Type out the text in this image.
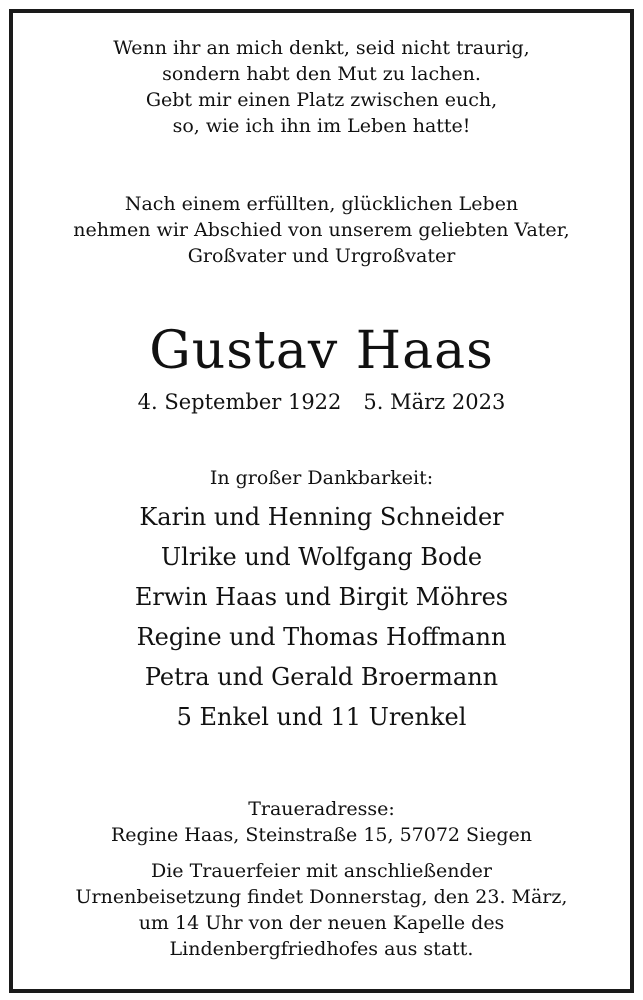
Wenn ihr an mich denkt, seid nicht traurig,
sondern habt den Mut zu lachen.
Gebt mir einen Platz zwischen euch,
so, wie ich ihn im Leben hatte!
Nach einem erfüllten, glücklichen Leben
nehmen wir Abschied von unserem geliebten Vater,
Großvater und Urgroßvater
Gustav Haas
4. September 1922 5. März 2023
In großer Dankbarkeit:
Karin und Henning Schneider
Ulrike und Wolfgang Bode
Erwin Haas und Birgit Möhres
Regine und Thomas Hoffmann
Petra und Gerald Broermann
5 Enkel und 11 Urenkel
Traueradresse:
Regine Haas, Steinstraße 15, 57072 Siegen
Die Trauerfeier mit anschließender
Urnenbeisetzung findet Donnerstag, den 23. März,
um 14 Uhr von der neuen Kapelle des
Lindenbergfriedhofes aus statt.
